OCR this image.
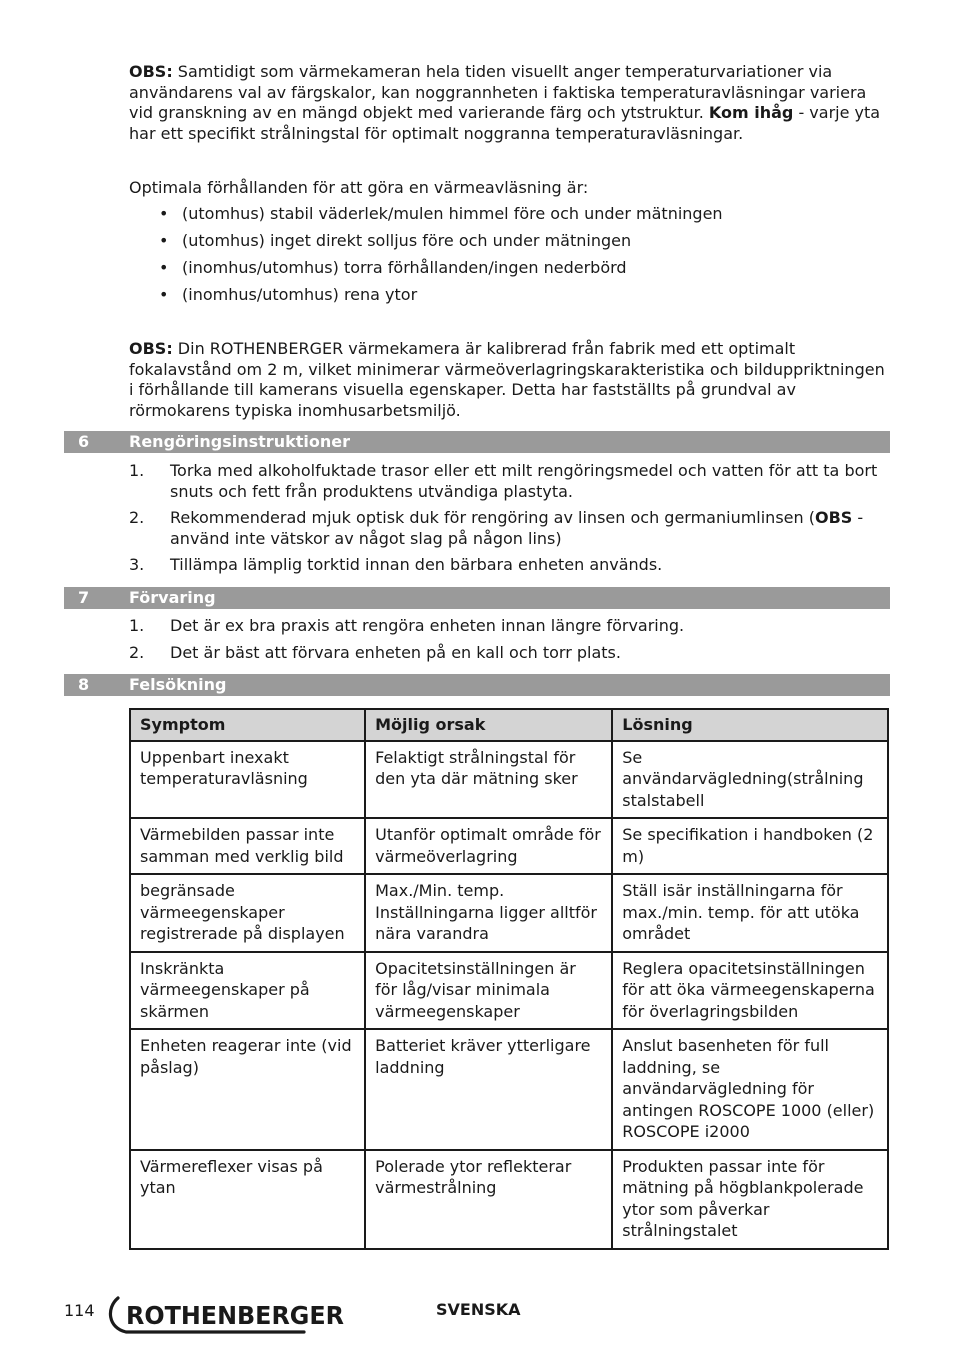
OBS: Samtidigt som värmekameran hela tiden visuellt anger temperaturvariationer via användarens val av färgskalor, kan noggrannheten i faktiska temperaturavläsningar variera vid granskning av en mängd objekt med varierande färg och ytstruktur. Kom ihåg - varje yta har ett specifikt strålningstal för optimalt noggranna temperaturavläsningar.

Optimala förhållanden för att göra en värmeavläsning är:

• (utomhus) stabil väderlek/mulen himmel före och under mätningen
• (utomhus) inget direkt solljus före och under mätningen
• (inomhus/utomhus) torra förhållanden/ingen nederbörd
• (inomhus/utomhus) rena ytor

OBS: Din ROTHENBERGER värmekamera är kalibrerad från fabrik med ett optimalt fokalavstånd om 2 m, vilket minimerar värmeöverlagringskarakteristika och bilduppriktningen i förhållande till kamerans visuella egenskaper. Detta har fastställts på grundval av rörmokarens typiska inomhusarbetsmiljö.

6 Rengöringsinstruktioner
1. Torka med alkoholfuktade trasor eller ett milt rengöringsmedel och vatten för att ta bort snuts och fett från produktens utvändiga plastyta.
2. Rekommenderad mjuk optisk duk för rengöring av linsen och germaniumlinsen (OBS - använd inte vätskor av något slag på någon lins)
3. Tillämpa lämplig torktid innan den bärbara enheten används.
7 Förvaring
1. Det är ex bra praxis att rengöra enheten innan längre förvaring.
2. Det är bäst att förvara enheten på en kall och torr plats.
8 Felsökning
Symptom	Möjlig orsak	Lösning
Uppenbart inexakt temperaturavläsning	Felaktigt strålningstal för den yta där mätning sker	Se användarvägledning(strålning stalstabell
Värmebilden passar inte samman med verklig bild	Utanför optimalt område för värmeöverlagring	Se specifikation i handboken (2 m)
begränsade värmeegenskaper registrerade på displayen	Max./Min. temp. Inställningarna ligger alltför nära varandra	Ställ isär inställningarna för max./min. temp. för att utöka området
Inskränkta värmeegenskaper på skärmen	Opacitetsinställningen är för låg/visar minimala värmeegenskaper	Reglera opacitetsinställningen för att öka värmeegenskaperna för överlagringsbilden
Enheten reagerar inte (vid påslag)	Batteriet kräver ytterligare laddning	Anslut basenheten för full laddning, se användarvägledning för antingen ROSCOPE 1000 (eller) ROSCOPE i2000
Värmereflexer visas på ytan	Polerade ytor reflekterar värmestrålning	Produkten passar inte för mätning på högblankpolerade ytor som påverkar strålningstalet
114 ROTHENBERGER	SVENSKA
